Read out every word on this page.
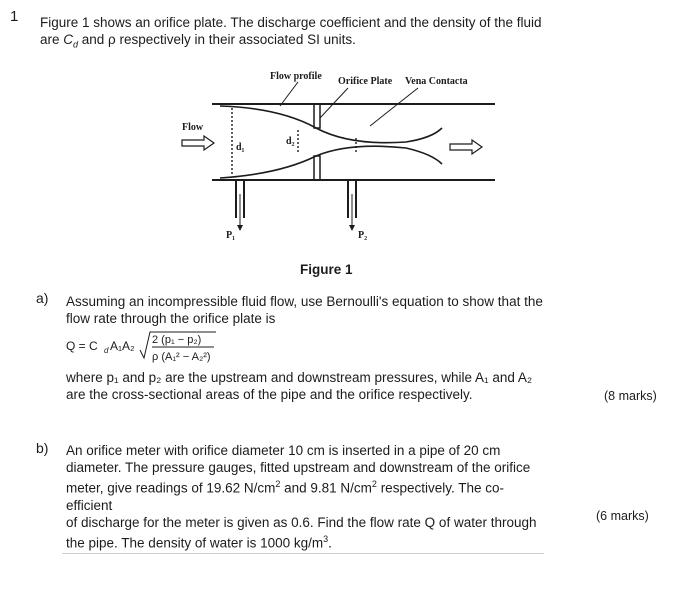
1 Figure 1 shows an orifice plate. The discharge coefficient and the density of the fluid
are $C_d$ and ρ respectively in their associated SI units.
Flow profile Orifice Plate Vena Contacta
d₁
d₂
Flow
P₁	P₂
Figure 1
a) Assuming an incompressible fluid flow, use Bernoulli's equation to show that the
flow rate through the orifice plate is
Q = C d A₁A₂ 2 (p₁ − p₂)
ρ (A₁² − A₂²)
where p₁ and p₂ are the upstream and downstream pressures, while A₁ and A₂
are the cross-sectional areas of the pipe and the orifice respectively.	(8 marks)
b) An orifice meter with orifice diameter 10 cm is inserted in a pipe of 20 cm
diameter. The pressure gauges, fitted upstream and downstream of the orifice
meter, give readings of 19.62 $N/cm^2$ and 9.81 $N/cm^2$ respectively. The co-efficient
of discharge for the meter is given as 0.6. Find the flow rate Q of water through
the pipe. The density of water is 1000 $kg/m^3$.
(6 marks)
